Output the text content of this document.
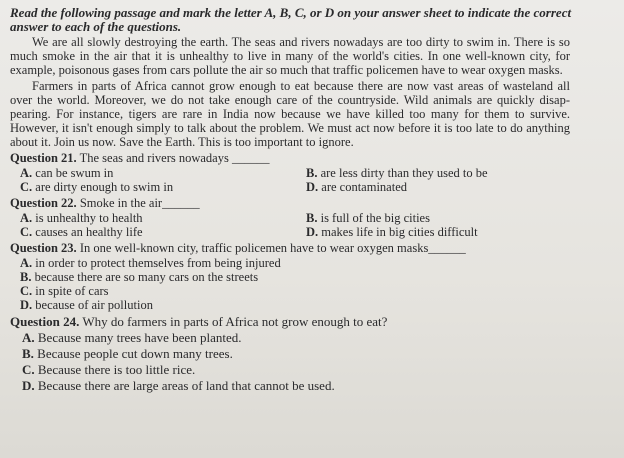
Read the following passage and mark the letter A, B, C, or D on your answer sheet to indicate the correct answer to each of the questions.

We are all slowly destroying the earth. The seas and rivers nowadays are too dirty to swim in. There is so much smoke in the air that it is unhealthy to live in many of the world's cities. In one well-known city, for example, poisonous gases from cars pollute the air so much that traffic policemen have to wear oxygen masks.

Farmers in parts of Africa cannot grow enough to eat because there are now vast areas of wasteland all over the world. Moreover, we do not take enough care of the countryside. Wild animals are quickly disap-pearing. For instance, tigers are rare in India now because we have killed too many for them to survive. However, it isn't enough simply to talk about the problem. We must act now before it is too late to do anything about it. Join us now. Save the Earth. This is too important to ignore.

Question 21. The seas and rivers nowadays ______
A. can be swum in	B. are less dirty than they used to be
C. are dirty enough to swim in	D. are contaminated
Question 22. Smoke in the air______
A. is unhealthy to health	B. is full of the big cities
C. causes an healthy life	D. makes life in big cities difficult
Question 23. In one well-known city, traffic policemen have to wear oxygen masks______
A. in order to protect themselves from being injured
B. because there are so many cars on the streets
C. in spite of cars
D. because of air pollution
Question 24. Why do farmers in parts of Africa not grow enough to eat?
A. Because many trees have been planted.
B. Because people cut down many trees.
C. Because there is too little rice.
D. Because there are large areas of land that cannot be used.
